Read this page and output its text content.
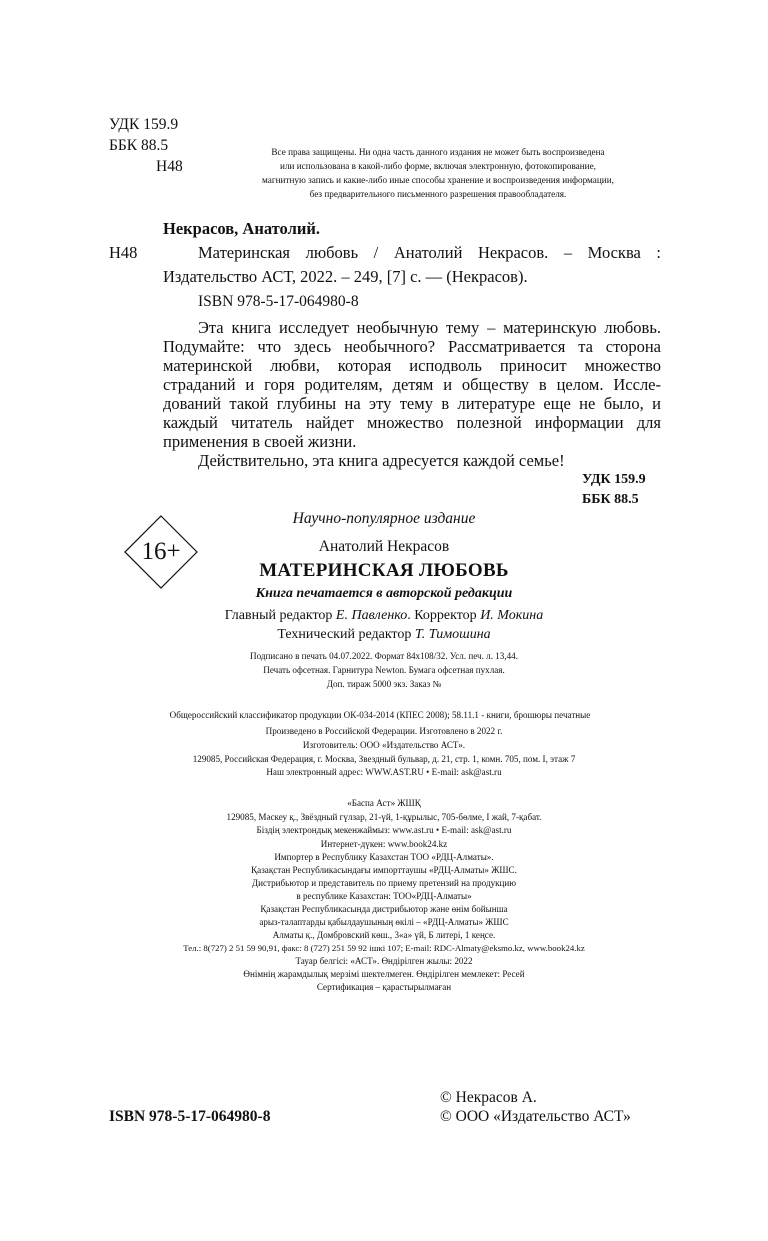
УДК 159.9
ББК 88.5
Н48
Все права защищены. Ни одна часть данного издания не может быть воспроизведена
или использована в какой-либо форме, включая электронную, фотокопирование,
магнитную запись и какие-либо иные способы хранение и воспроизведения информации,
без предварительного письменного разрешения правообладателя.
Некрасов, Анатолий.
Н48	Материнская любовь / Анатолий Некрасов. – Москва :
Издательство АСТ, 2022. – 249, [7] с. — (Некрасов).
ISBN 978-5-17-064980-8
Эта книга исследует необычную тему – материнскую любовь.
Подумайте: что здесь необычного? Рассматривается та сторона
материнской любви, которая исподволь приносит множество
страданий и горя родителям, детям и обществу в целом. Иссле-
дований такой глубины на эту тему в литературе еще не было, и
каждый читатель найдет множество полезной информации для
применения в своей жизни.
Действительно, эта книга адресуется каждой семье!
УДК 159.9
ББК 88.5
Научно-популярное издание
16+	Анатолий Некрасов
МАТЕРИНСКАЯ ЛЮБОВЬ
Книга печатается в авторской редакции
Главный редактор Е. Павленко. Корректор И. Мокина
Технический редактор Т. Тимошина
Подписано в печать 04.07.2022. Формат 84x108/32. Усл. печ. л. 13,44.
Печать офсетная. Гарнитура Newton. Бумага офсетная пухлая.
Доп. тираж 5000 экз. Заказ №
Общероссийский классификатор продукции ОК-034-2014 (КПЕС 2008); 58.11.1 - книги, брошюры печатные
Произведено в Российской Федерации. Изготовлено в 2022 г.
Изготовитель: ООО «Издательство АСТ».
129085, Российская Федерация, г. Москва, Звездный бульвар, д. 21, стр. 1, комн. 705, пом. I, этаж 7
Наш электронный адрес: WWW.AST.RU • E-mail: ask@ast.ru
«Баспа Аст» ЖШҚ
129085, Мәскеу қ., Звёздный гүлзар, 21-үй, 1-құрылыс, 705-бөлме, I жай, 7-қабат.
Біздің электрондық мекенжаймыз: www.ast.ru • E-mail: ask@ast.ru
Интернет-дүкен: www.book24.kz
Импортер в Республику Казахстан ТОО «РДЦ-Алматы».
Қазақстан Республикасындағы импорттаушы «РДЦ-Алматы» ЖШС.
Дистрибьютор и представитель по приему претензий на продукцию
в республике Казахстан: ТОО«РДЦ-Алматы»
Қазақстан Республикасында дистрибьютор және өнім бойынша
арыз-талаптарды қабылдаушының өкілі – «РДЦ-Алматы» ЖШС
Алматы қ., Домбровский көш., 3«а» үй, Б литері, 1 кеңсе.
Тел.: 8(727) 2 51 59 90,91, факс: 8 (727) 251 59 92 ішкі 107; E-mail: RDC-Almaty@eksmo.kz, www.book24.kz
Тауар белгісі: «АСТ». Өндірілген жылы: 2022
Өнімнің жарамдылық мерзімі шектелмеген. Өндірілген мемлекет: Ресей
Сертификация – қарастырылмаған
ISBN 978-5-17-064980-8
© Некрасов А.
© ООО «Издательство АСТ»
